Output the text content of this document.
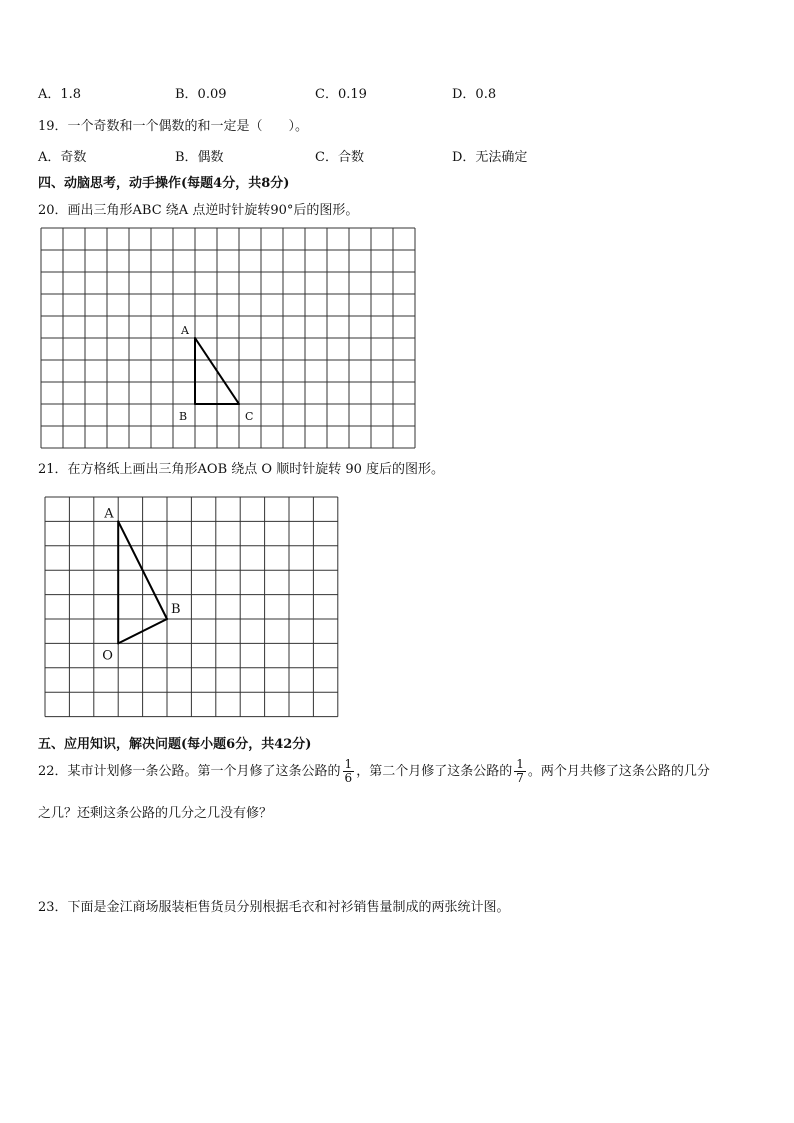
A．1.8	B．0.09	C．0.19	D．0.8
19．一个奇数和一个偶数的和一定是（　　）。
A．奇数	B．偶数	C．合数	D．无法确定
四、动脑思考，动手操作(每题4分，共8分)
20．画出三角形ABC 绕A 点逆时针旋转90°后的图形。
A
B	C
21．在方格纸上画出三角形AOB 绕点 O 顺时针旋转 90 度后的图形。
A
B
O
五、应用知识，解决问题(每小题6分，共42分)
22．某市计划修一条公路。第一个月修了这条公路的 $\frac{1}{6}$ ，第二个月修了这条公路的 $\frac{1}{7}$ 。两个月共修了这条公路的几分
之几？还剩这条公路的几分之几没有修？
23．下面是金江商场服装柜售货员分别根据毛衣和衬衫销售量制成的两张统计图。
